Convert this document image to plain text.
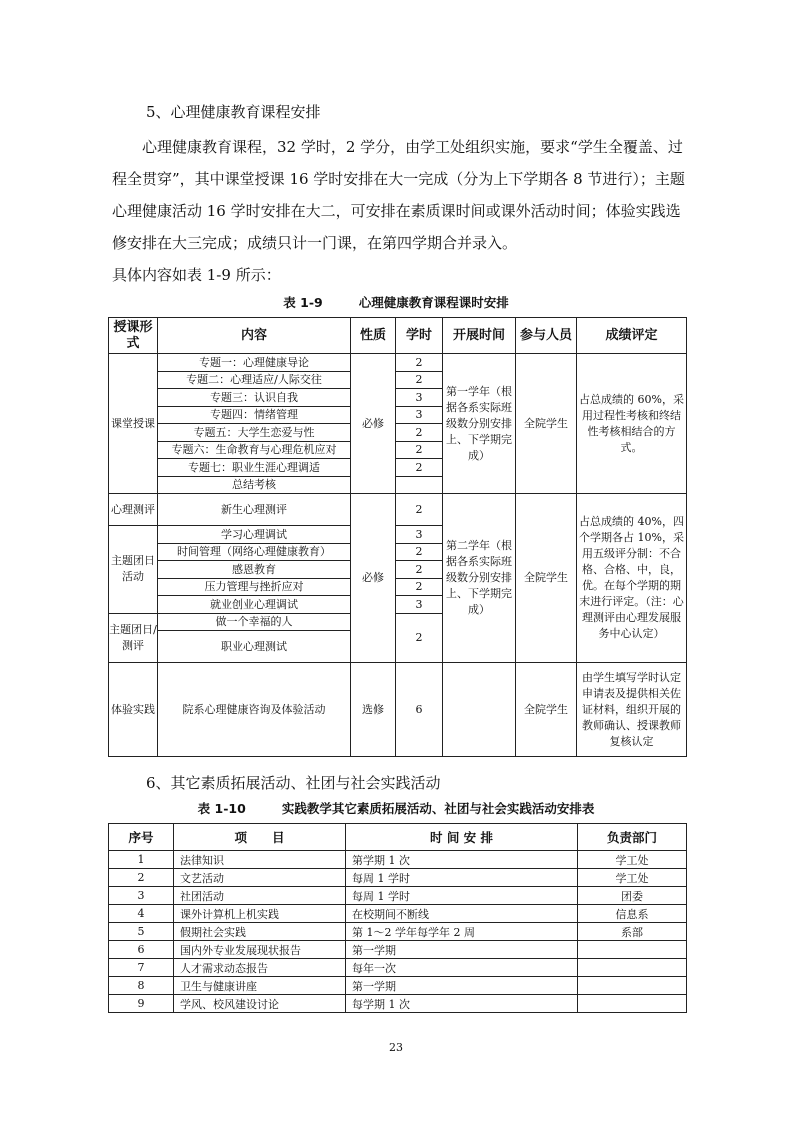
5、心理健康教育课程安排
心理健康教育课程，32 学时，2 学分，由学工处组织实施，要求“学生全覆盖、过程全贯穿”，其中课堂授课 16 学时安排在大一完成（分为上下学期各 8 节进行）；主题心理健康活动 16 学时安排在大二，可安排在素质课时间或课外活动时间；体验实践选修安排在大三完成；成绩只计一门课，在第四学期合并录入。
具体内容如表 1-9 所示：
表 1-9	心理健康教育课程课时安排
授课形式	内容	性质	学时	开展时间	参与人员	成绩评定
课堂授课	专题一：心理健康导论	必修	2	第一学年（根据各系实际班级数分别安排上、下学期完成）	全院学生	占总成绩的 60%，采用过程性考核和终结性考核相结合的方式。
	专题二：心理适应/人际交往		2			
	专题三：认识自我		3			
	专题四：情绪管理		3			
	专题五：大学生恋爱与性		2			
	专题六：生命教育与心理危机应对		2			
	专题七：职业生涯心理调适		2			
	总结考核					
心理测评	新生心理测评	必修	2	第二学年（根据各系实际班级数分别安排上、下学期完成）	全院学生	占总成绩的 40%，四个学期各占 10%，采用五级评分制：不合格、合格、中，良，优。在每个学期的期末进行评定。（注：心理测评由心理发展服务中心认定）
主题团日活动	学习心理调试		3			
	时间管理（网络心理健康教育）		2			
	感恩教育		2			
	压力管理与挫折应对		2			
	就业创业心理调试		3			
主题团日/测评	做一个幸福的人		2			
	职业心理测试					
体验实践	院系心理健康咨询及体验活动	选修	6		全院学生	由学生填写学时认定申请表及提供相关佐证材料，组织开展的教师确认、授课教师复核认定
6、其它素质拓展活动、社团与社会实践活动
表 1-10	实践教学其它素质拓展活动、社团与社会实践活动安排表
序号	项　　目	时 间 安 排	负责部门
1	法律知识	第学期 1 次	学工处
2	文艺活动	每周 1 学时	学工处
3	社团活动	每周 1 学时	团委
4	课外计算机上机实践	在校期间不断线	信息系
5	假期社会实践	第 1～2 学年每学年 2 周	系部
6	国内外专业发展现状报告	第一学期	
7	人才需求动态报告	每年一次	
8	卫生与健康讲座	第一学期	
9	学风、校风建设讨论	每学期 1 次	
23
